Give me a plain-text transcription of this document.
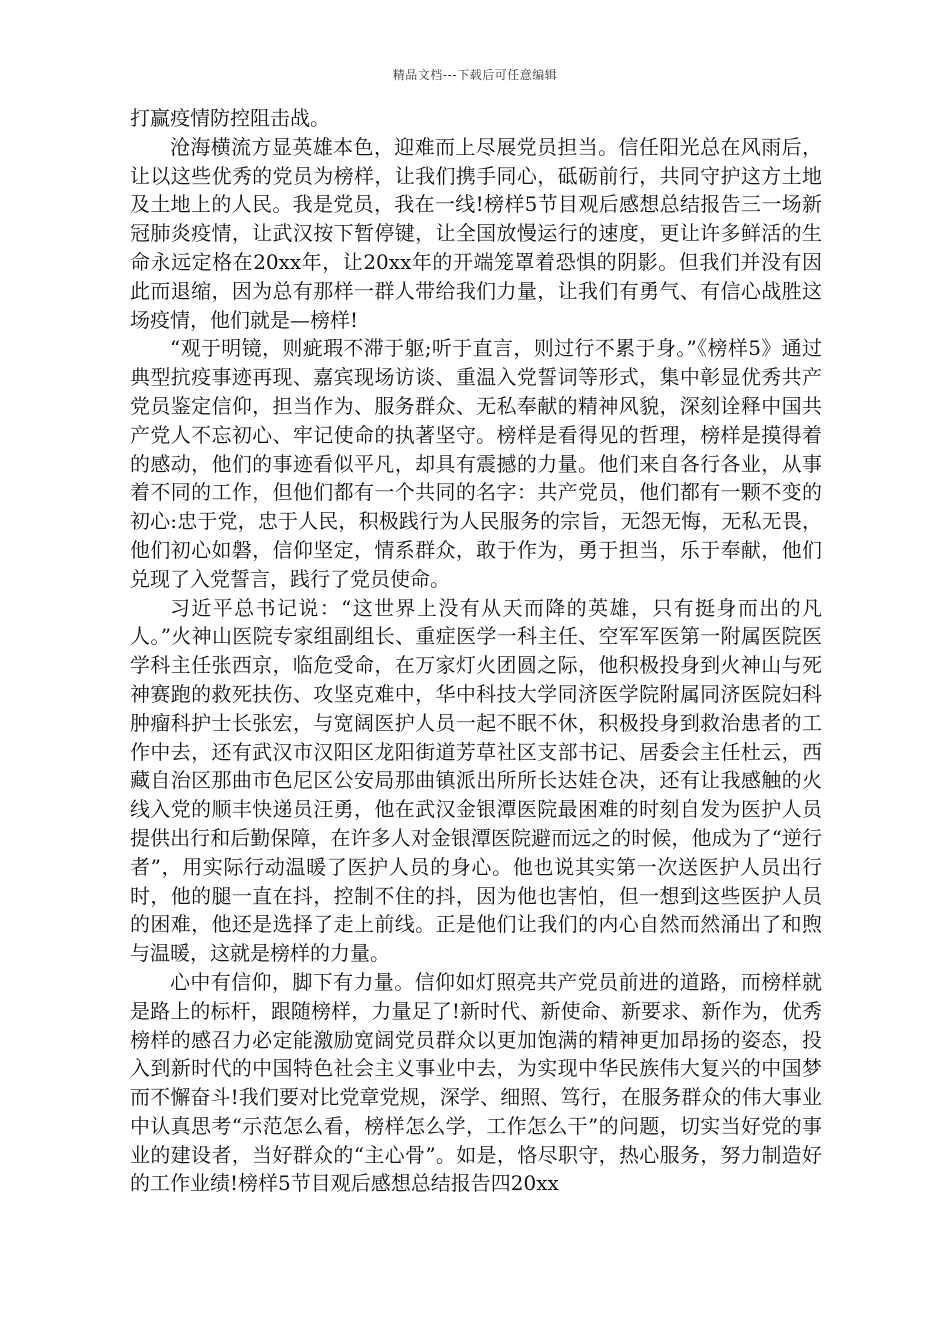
精品文档---下载后可任意编辑

打赢疫情防控阻击战。

沧海横流方显英雄本色，迎难而上尽展党员担当。信任阳光总在风雨后，让以这些优秀的党员为榜样，让我们携手同心，砥砺前行，共同守护这方土地及土地上的人民。我是党员，我在一线!榜样5节目观后感想总结报告三一场新冠肺炎疫情，让武汉按下暂停键，让全国放慢运行的速度，更让许多鲜活的生命永远定格在20xx年，让20xx年的开端笼罩着恐惧的阴影。但我们并没有因此而退缩，因为总有那样一群人带给我们力量，让我们有勇气、有信心战胜这场疫情，他们就是—榜样!

“观于明镜，则疵瑕不滞于躯;听于直言，则过行不累于身。”《榜样5》通过典型抗疫事迹再现、嘉宾现场访谈、重温入党誓词等形式，集中彰显优秀共产党员鉴定信仰，担当作为、服务群众、无私奉献的精神风貌，深刻诠释中国共产党人不忘初心、牢记使命的执著坚守。榜样是看得见的哲理，榜样是摸得着的感动，他们的事迹看似平凡，却具有震撼的力量。他们来自各行各业，从事着不同的工作，但他们都有一个共同的名字：共产党员，他们都有一颗不变的初心:忠于党，忠于人民，积极践行为人民服务的宗旨，无怨无悔，无私无畏，他们初心如磐，信仰坚定，情系群众，敢于作为，勇于担当，乐于奉献，他们兑现了入党誓言，践行了党员使命。

习近平总书记说：“这世界上没有从天而降的英雄，只有挺身而出的凡人。”火神山医院专家组副组长、重症医学一科主任、空军军医第一附属医院医学科主任张西京，临危受命，在万家灯火团圆之际，他积极投身到火神山与死神赛跑的救死扶伤、攻坚克难中，华中科技大学同济医学院附属同济医院妇科肿瘤科护士长张宏，与宽阔医护人员一起不眠不休，积极投身到救治患者的工作中去，还有武汉市汉阳区龙阳街道芳草社区支部书记、居委会主任杜云，西藏自治区那曲市色尼区公安局那曲镇派出所所长达娃仓决，还有让我感触的火线入党的顺丰快递员汪勇，他在武汉金银潭医院最困难的时刻自发为医护人员提供出行和后勤保障，在许多人对金银潭医院避而远之的时候，他成为了“逆行者”，用实际行动温暖了医护人员的身心。他也说其实第一次送医护人员出行时，他的腿一直在抖，控制不住的抖，因为他也害怕，但一想到这些医护人员的困难，他还是选择了走上前线。正是他们让我们的内心自然而然涌出了和煦与温暖，这就是榜样的力量。

心中有信仰，脚下有力量。信仰如灯照亮共产党员前进的道路，而榜样就是路上的标杆，跟随榜样，力量足了!新时代、新使命、新要求、新作为，优秀榜样的感召力必定能激励宽阔党员群众以更加饱满的精神更加昂扬的姿态，投入到新时代的中国特色社会主义事业中去，为实现中华民族伟大复兴的中国梦而不懈奋斗!我们要对比党章党规，深学、细照、笃行，在服务群众的伟大事业中认真思考“示范怎么看，榜样怎么学，工作怎么干”的问题，切实当好党的事业的建设者，当好群众的“主心骨”。如是，恪尽职守，热心服务，努力制造好的工作业绩!榜样5节目观后感想总结报告四20xx
